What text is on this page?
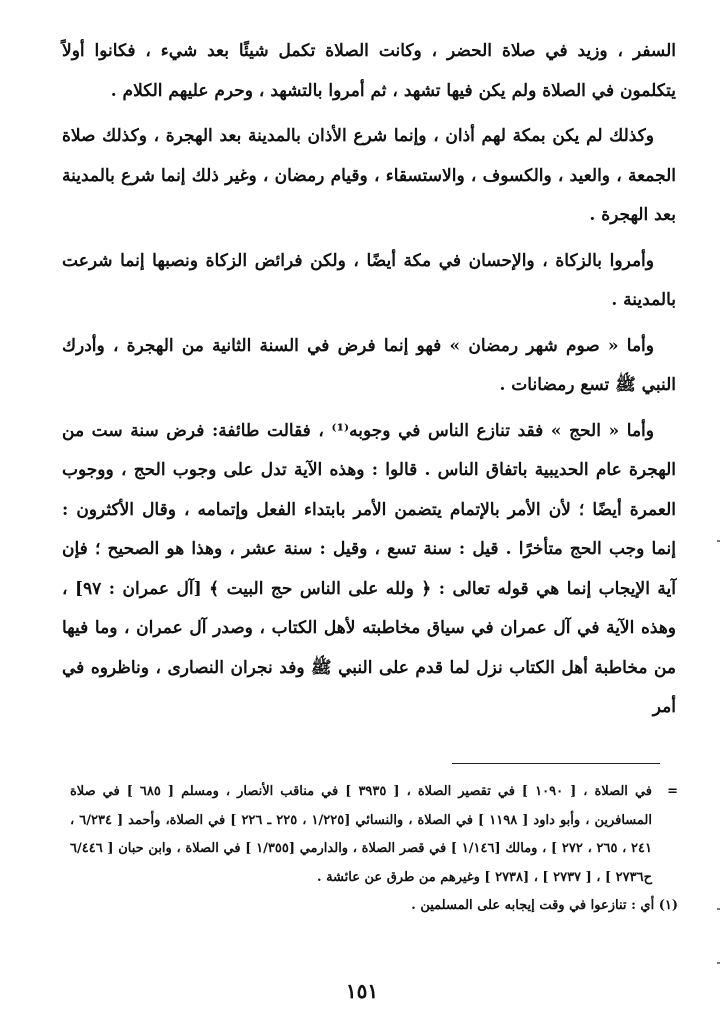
السفر ، وزيد في صلاة الحضر ، وكانت الصلاة تكمل شيئًا بعد شيء ، فكانوا أولاً يتكلمون في الصلاة ولم يكن فيها تشهد ، ثم أمروا بالتشهد ، وحرم عليهم الكلام .

وكذلك لم يكن بمكة لهم أذان ، وإنما شرع الأذان بالمدينة بعد الهجرة ، وكذلك صلاة الجمعة ، والعيد ، والكسوف ، والاستسقاء ، وقيام رمضان ، وغير ذلك إنما شرع بالمدينة بعد الهجرة .

وأمروا بالزكاة ، والإحسان في مكة أيضًا ، ولكن فرائض الزكاة ونصبها إنما شرعت بالمدينة .

وأما « صوم شهر رمضان » فهو إنما فرض في السنة الثانية من الهجرة ، وأدرك النبي ﷺ تسع رمضانات .

وأما « الحج » فقد تنازع الناس في وجوبه⁽¹⁾ ، فقالت طائفة: فرض سنة ست من الهجرة عام الحديبية باتفاق الناس . قالوا : وهذه الآية تدل على وجوب الحج ، ووجوب العمرة أيضًا ؛ لأن الأمر بالإتمام يتضمن الأمر بابتداء الفعل وإتمامه ، وقال الأكثرون : إنما وجب الحج متأخرًا . قيل : سنة تسع ، وقيل : سنة عشر ، وهذا هو الصحيح ؛ فإن آية الإيجاب إنما هي قوله تعالى : ﴿ ولله على الناس حج البيت ﴾ [آل عمران : ٩٧] ، وهذه الآية في آل عمران في سياق مخاطبته لأهل الكتاب ، وصدر آل عمران ، وما فيها من مخاطبة أهل الكتاب نزل لما قدم على النبي ﷺ وفد نجران النصارى ، وناظروه في أمر

=
في الصلاة ، [ ١٠٩٠ ] في تقصير الصلاة ، [ ٣٩٣٥ ] في مناقب الأنصار ، ومسلم [ ٦٨٥ ] في صلاة المسافرين ، وأبو داود [ ١١٩٨ ] في الصلاة ، والنسائي [١/٢٢٥ ، ٢٢٥ ـ ٢٢٦ ] في الصلاة، وأحمد [ ٦/٢٣٤ ، ٢٤١ ، ٢٦٥ ، ٢٧٢ ] ، ومالك [١/١٤٦ ] في قصر الصلاة ، والدارمي [١/٣٥٥ ] في الصلاة ، وابن حبان [ ٦/٤٤٦ ح٢٧٣٦ ] ، [ ٢٧٣٧ ] ، [٢٧٣٨ ] وغيرهم من طرق عن عائشة .

(١) أي : تنازعوا في وقت إيجابه على المسلمين .

١٥١
